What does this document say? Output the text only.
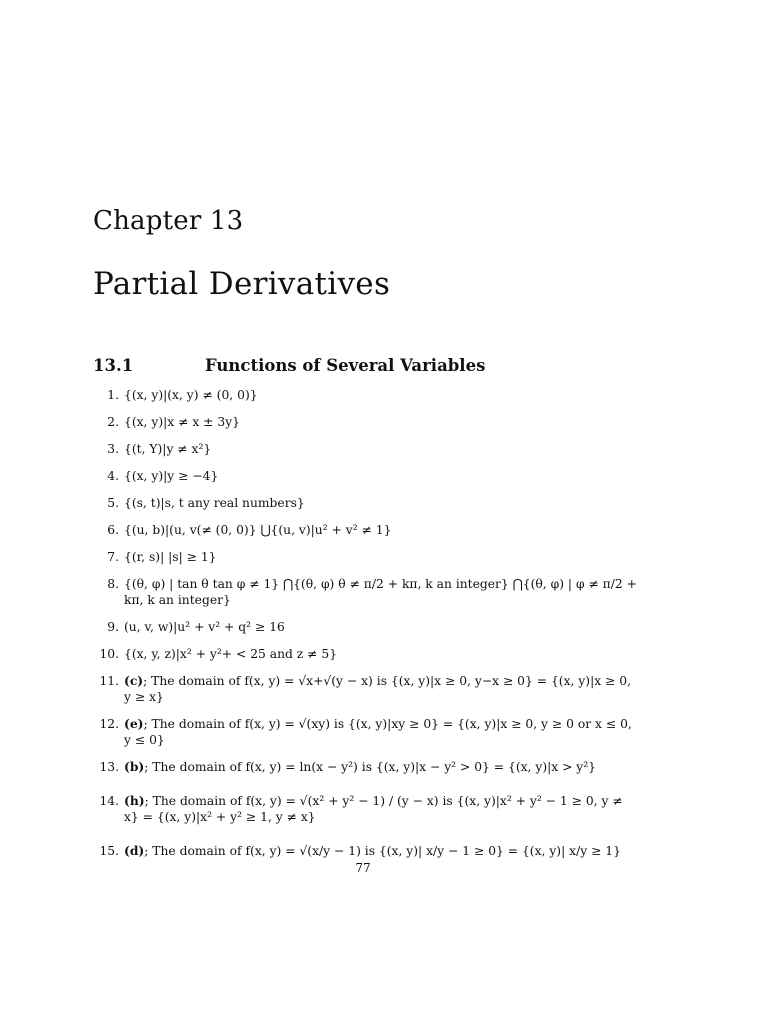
Chapter 13
Partial Derivatives
13.1	Functions of Several Variables
1. {(x, y)|(x, y) ≠ (0, 0)}
2. {(x, y)|x ≠ x ± 3y}
3. {(t, Y)|y ≠ x²}
4. {(x, y)|y ≥ −4}
5. {(s, t)|s, t any real numbers}
6. {(u, b)|(u, v(≠ (0, 0)} ⋃{(u, v)|u² + v² ≠ 1}
7. {(r, s)| |s| ≥ 1}
8. {(θ, φ) | tan θ tan φ ≠ 1} ⋂{(θ, φ) θ ≠ π/2 + kπ, k an integer} ⋂{(θ, φ) | φ ≠ π/2 + kπ, k an integer}
9. (u, v, w)|u² + v² + q² ≥ 16
10. {(x, y, z)|x² + y²+ < 25 and z ≠ 5}
11. (c); The domain of f(x, y) = √x+√(y − x) is {(x, y)|x ≥ 0, y−x ≥ 0} = {(x, y)|x ≥ 0, y ≥ x}
12. (e); The domain of f(x, y) = √(xy) is {(x, y)|xy ≥ 0} = {(x, y)|x ≥ 0, y ≥ 0 or x ≤ 0, y ≤ 0}
13. (b); The domain of f(x, y) = ln(x − y²) is {(x, y)|x − y² > 0} = {(x, y)|x > y²}
14. (h); The domain of f(x, y) = √(x² + y² − 1) / (y − x) is {(x, y)|x² + y² − 1 ≥ 0, y ≠ x} = {(x, y)|x² + y² ≥ 1, y ≠ x}
15. (d); The domain of f(x, y) = √(x/y − 1) is {(x, y)| x/y − 1 ≥ 0} = {(x, y)| x/y ≥ 1}
77
